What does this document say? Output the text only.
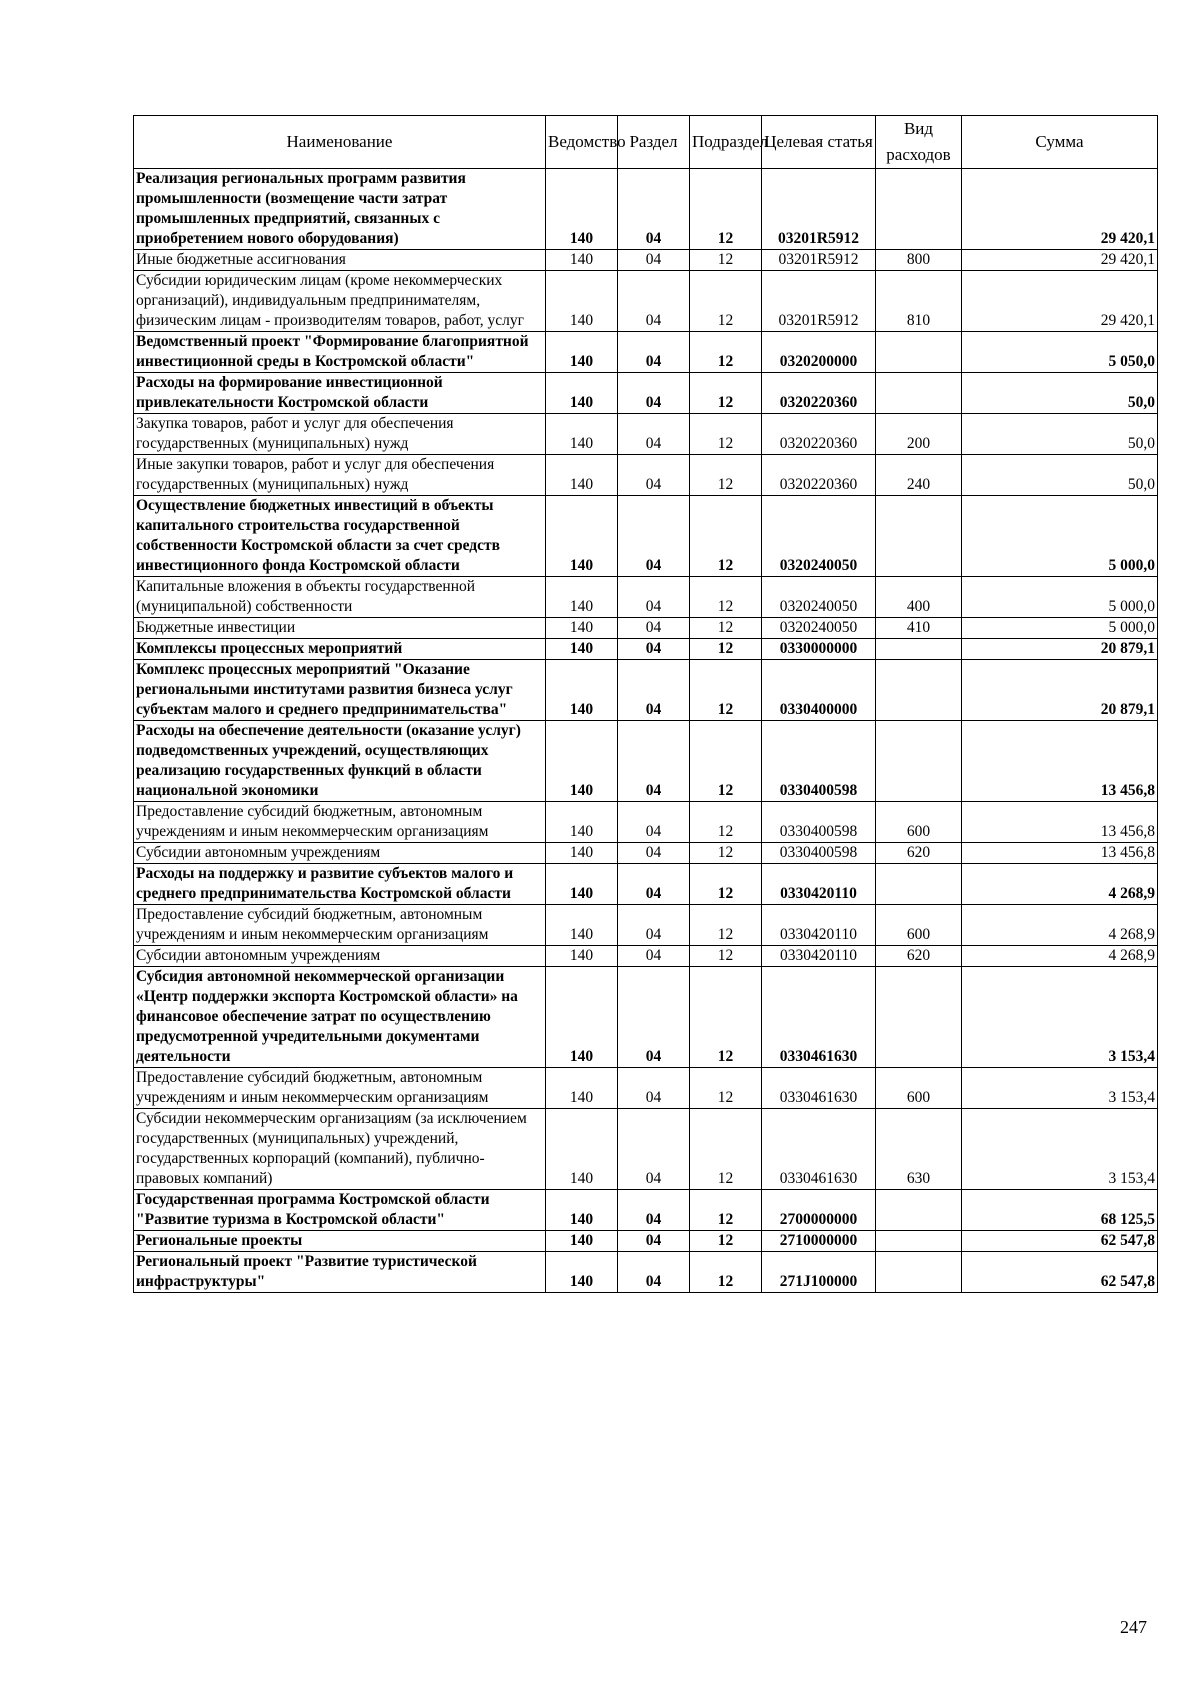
Наименование	Ведомство	Раздел	Подраздел	Целевая статья	Вид расходов	Сумма
Реализация региональных программ развития промышленности (возмещение части затрат промышленных предприятий, связанных с приобретением нового оборудования)	140	04	12	03201R5912		29 420,1
Иные бюджетные ассигнования	140	04	12	03201R5912	800	29 420,1
Субсидии юридическим лицам (кроме некоммерческих организаций), индивидуальным предпринимателям, физическим лицам - производителям товаров, работ, услуг	140	04	12	03201R5912	810	29 420,1
Ведомственный проект "Формирование благоприятной инвестиционной среды в Костромской области"	140	04	12	0320200000		5 050,0
Расходы на формирование инвестиционной привлекательности Костромской области	140	04	12	0320220360		50,0
Закупка товаров, работ и услуг для обеспечения государственных (муниципальных) нужд	140	04	12	0320220360	200	50,0
Иные закупки товаров, работ и услуг для обеспечения государственных (муниципальных) нужд	140	04	12	0320220360	240	50,0
Осуществление бюджетных инвестиций в объекты капитального строительства государственной собственности Костромской области за счет средств инвестиционного фонда Костромской области	140	04	12	0320240050		5 000,0
Капитальные вложения в объекты государственной (муниципальной) собственности	140	04	12	0320240050	400	5 000,0
Бюджетные инвестиции	140	04	12	0320240050	410	5 000,0
Комплексы процессных мероприятий	140	04	12	0330000000		20 879,1
Комплекс процессных мероприятий "Оказание региональными институтами развития бизнеса услуг субъектам малого и среднего предпринимательства"	140	04	12	0330400000		20 879,1
Расходы на обеспечение деятельности (оказание услуг) подведомственных учреждений, осуществляющих реализацию государственных функций в области национальной экономики	140	04	12	0330400598		13 456,8
Предоставление субсидий бюджетным, автономным учреждениям и иным некоммерческим организациям	140	04	12	0330400598	600	13 456,8
Субсидии автономным учреждениям	140	04	12	0330400598	620	13 456,8
Расходы на поддержку и развитие субъектов малого и среднего предпринимательства Костромской области	140	04	12	0330420110		4 268,9
Предоставление субсидий бюджетным, автономным учреждениям и иным некоммерческим организациям	140	04	12	0330420110	600	4 268,9
Субсидии автономным учреждениям	140	04	12	0330420110	620	4 268,9
Субсидия автономной некоммерческой организации «Центр поддержки экспорта Костромской области» на финансовое обеспечение затрат по осуществлению предусмотренной учредительными документами деятельности	140	04	12	0330461630		3 153,4
Предоставление субсидий бюджетным, автономным учреждениям и иным некоммерческим организациям	140	04	12	0330461630	600	3 153,4
Субсидии некоммерческим организациям (за исключением государственных (муниципальных) учреждений, государственных корпораций (компаний), публично-правовых компаний)	140	04	12	0330461630	630	3 153,4
Государственная программа Костромской области "Развитие туризма в Костромской области"	140	04	12	2700000000		68 125,5
Региональные проекты	140	04	12	2710000000		62 547,8
Региональный проект "Развитие туристической инфраструктуры"	140	04	12	271J100000		62 547,8
247
